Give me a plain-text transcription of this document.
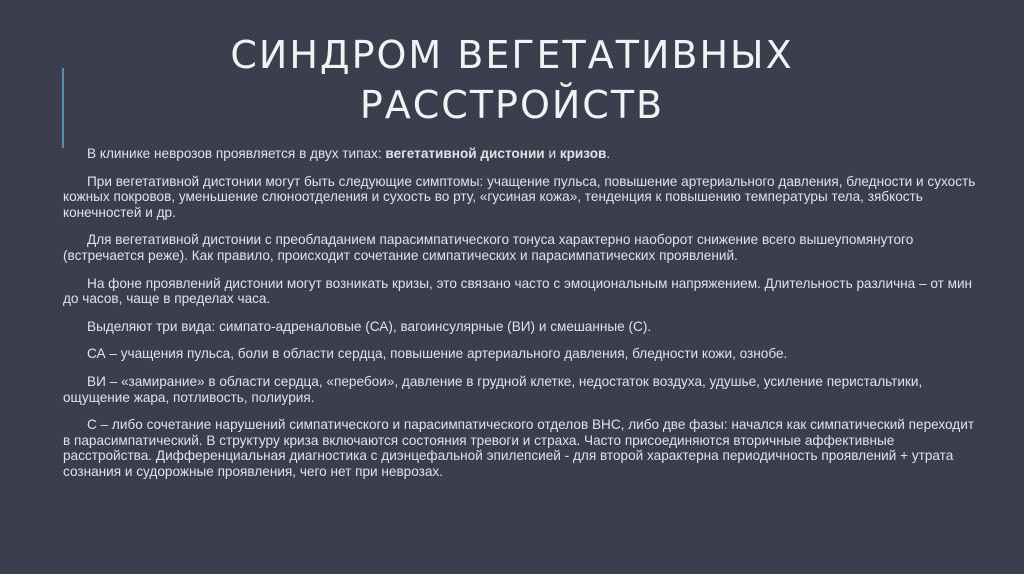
СИНДРОМ ВЕГЕТАТИВНЫХ
РАССТРОЙСТВ

В клинике неврозов проявляется в двух типах: вегетативной дистонии и кризов.

При вегетативной дистонии могут быть следующие симптомы: учащение пульса, повышение артериального давления, бледности и сухость кожных покровов, уменьшение слюноотделения и сухость во рту, «гусиная кожа», тенденция к повышению температуры тела, зябкость конечностей и др.

Для вегетативной дистонии с преобладанием парасимпатического тонуса характерно наоборот снижение всего вышеупомянутого (встречается реже). Как правило, происходит сочетание симпатических и парасимпатических проявлений.

На фоне проявлений дистонии могут возникать кризы, это связано часто с эмоциональным напряжением. Длительность различна – от мин до часов, чаще в пределах часа.

Выделяют три вида: симпато-адреналовые (СА), вагоинсулярные (ВИ) и смешанные (С).

СА – учащения пульса, боли в области сердца, повышение артериального давления, бледности кожи, ознобе.

ВИ – «замирание» в области сердца, «перебои», давление в грудной клетке, недостаток воздуха, удушье, усиление перистальтики, ощущение жара, потливость, полиурия.

С – либо сочетание нарушений симпатического и парасимпатического отделов ВНС, либо две фазы: начался как симпатический переходит в парасимпатический. В структуру криза включаются состояния тревоги и страха. Часто присоединяются вторичные аффективные расстройства. Дифференциальная диагностика с диэнцефальной эпилепсией - для второй характерна периодичность проявлений + утрата сознания и судорожные проявления, чего нет при неврозах.
